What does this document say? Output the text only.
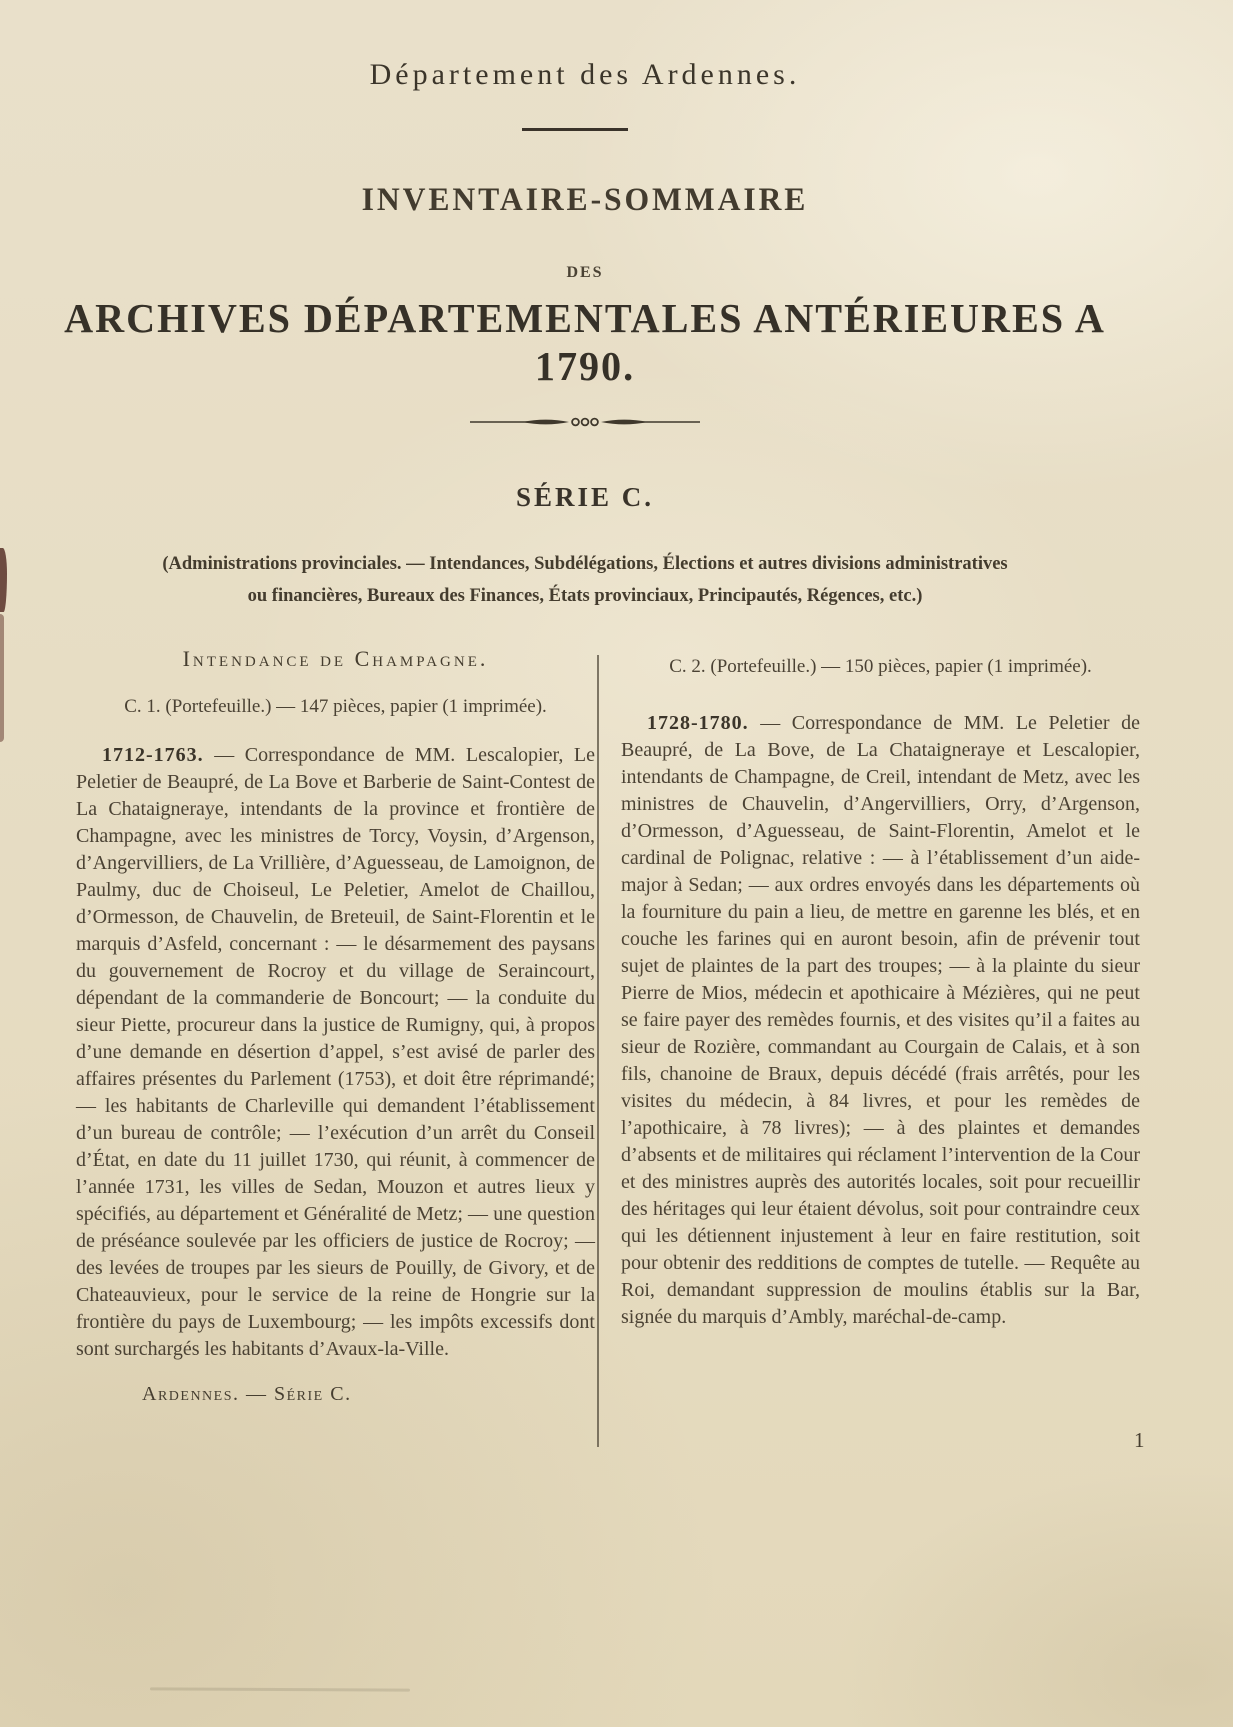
Département des Ardennes.
INVENTAIRE-SOMMAIRE
DES
ARCHIVES DÉPARTEMENTALES ANTÉRIEURES A 1790.
SÉRIE C.
(Administrations provinciales. — Intendances, Subdélégations, Élections et autres divisions administratives
ou financières, Bureaux des Finances, États provinciaux, Principautés, Régences, etc.)
Intendance de Champagne.
C. 1. (Portefeuille.) — 147 pièces, papier (1 imprimée).

1712-1763. — Correspondance de MM. Lescalopier, Le Peletier de Beaupré, de La Bove et Barberie de Saint-Contest de La Chataigneraye, intendants de la province et frontière de Champagne, avec les ministres de Torcy, Voysin, d’Argenson, d’Angervilliers, de La Vrillière, d’Aguesseau, de Lamoignon, de Paulmy, duc de Choiseul, Le Peletier, Amelot de Chaillou, d’Ormesson, de Chauvelin, de Breteuil, de Saint-Florentin et le marquis d’Asfeld, concernant : — le désarmement des paysans du gouvernement de Rocroy et du village de Seraincourt, dépendant de la commanderie de Boncourt; — la conduite du sieur Piette, procureur dans la justice de Rumigny, qui, à propos d’une demande en désertion d’appel, s’est avisé de parler des affaires présentes du Parlement (1753), et doit être réprimandé; — les habitants de Charleville qui demandent l’établissement d’un bureau de contrôle; — l’exécution d’un arrêt du Conseil d’État, en date du 11 juillet 1730, qui réunit, à commencer de l’année 1731, les villes de Sedan, Mouzon et autres lieux y spécifiés, au département et Généralité de Metz; — une question de préséance soulevée par les officiers de justice de Rocroy; — des levées de troupes par les sieurs de Pouilly, de Givory, et de Chateauvieux, pour le service de la reine de Hongrie sur la frontière du pays de Luxembourg; — les impôts excessifs dont sont surchargés les habitants d’Avaux-la-Ville.

Ardennes. — Série C.
C. 2. (Portefeuille.) — 150 pièces, papier (1 imprimée).

1728-1780. — Correspondance de MM. Le Peletier de Beaupré, de La Bove, de La Chataigneraye et Lescalopier, intendants de Champagne, de Creil, intendant de Metz, avec les ministres de Chauvelin, d’Angervilliers, Orry, d’Argenson, d’Ormesson, d’Aguesseau, de Saint-Florentin, Amelot et le cardinal de Polignac, relative : — à l’établissement d’un aide-major à Sedan; — aux ordres envoyés dans les départements où la fourniture du pain a lieu, de mettre en garenne les blés, et en couche les farines qui en auront besoin, afin de prévenir tout sujet de plaintes de la part des troupes; — à la plainte du sieur Pierre de Mios, médecin et apothicaire à Mézières, qui ne peut se faire payer des remèdes fournis, et des visites qu’il a faites au sieur de Rozière, commandant au Courgain de Calais, et à son fils, chanoine de Braux, depuis décédé (frais arrêtés, pour les visites du médecin, à 84 livres, et pour les remèdes de l’apothicaire, à 78 livres); — à des plaintes et demandes d’absents et de militaires qui réclament l’intervention de la Cour et des ministres auprès des autorités locales, soit pour recueillir des héritages qui leur étaient dévolus, soit pour contraindre ceux qui les détiennent injustement à leur en faire restitution, soit pour obtenir des redditions de comptes de tutelle. — Requête au Roi, demandant suppression de moulins établis sur la Bar, signée du marquis d’Ambly, maréchal-de-camp.

1
